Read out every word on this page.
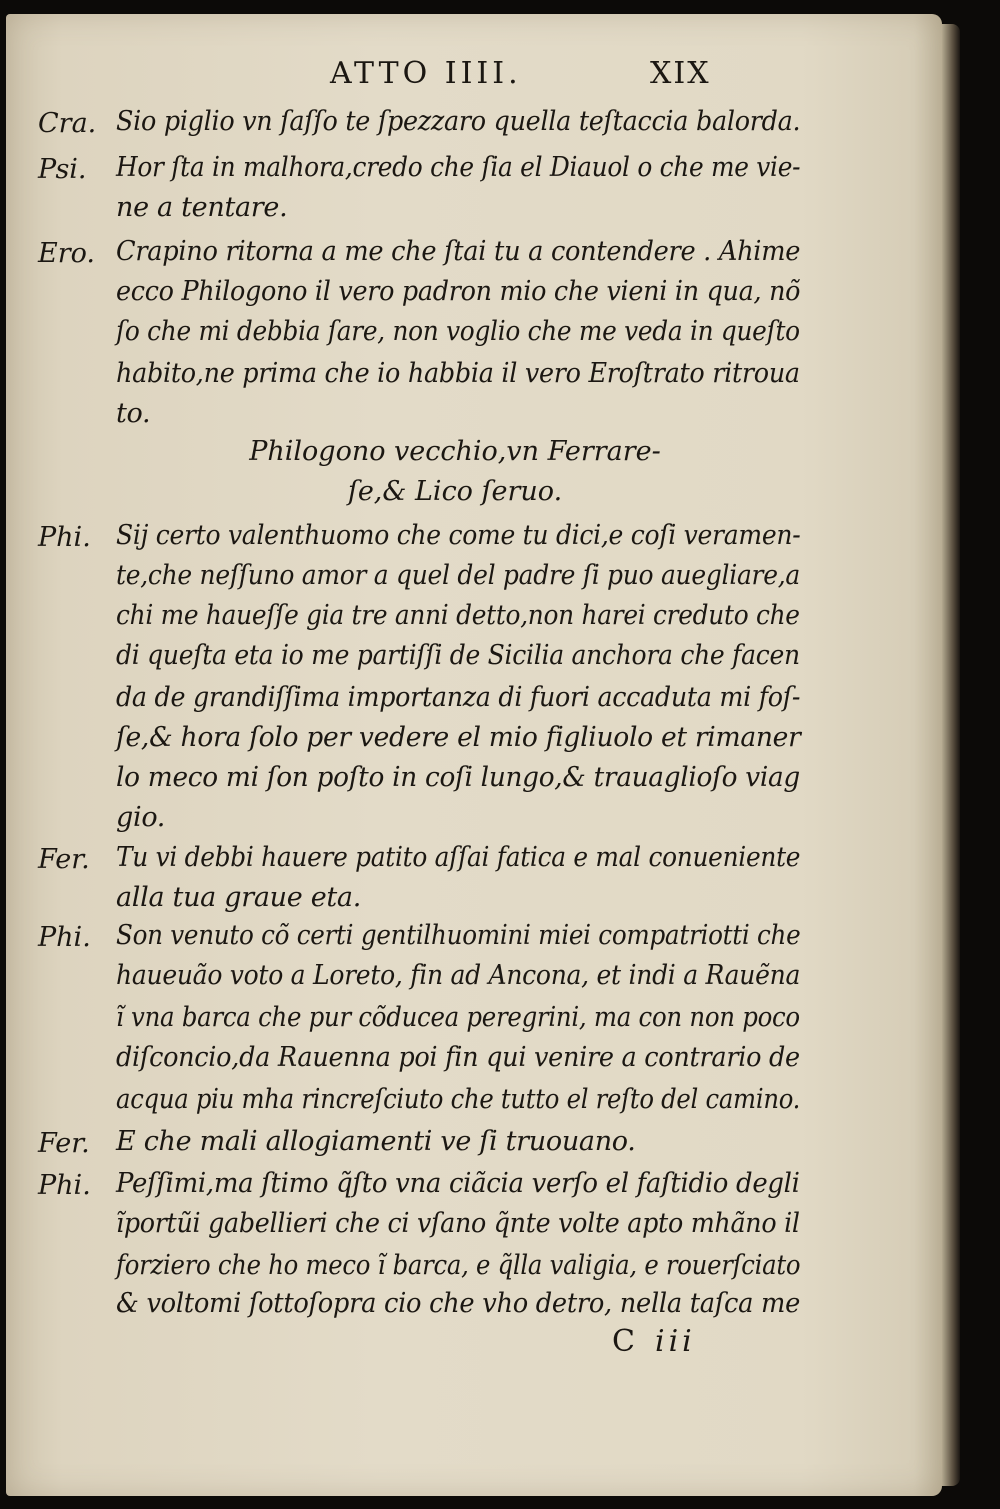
ATTO IIII.	XIX
Cra.
Psi.
Ero.
Phi.
Fer.
Phi.
Fer.
Phi.
Sio piglio vn ſaſſo te ſpezzaro quella teſtaccia balorda.
Hor ſta in malhora,credo che ſia el Diauol o che me vie-
ne a tentare.
Crapino ritorna a me che ſtai tu a contendere . Ahime
ecco Philogono il vero padron mio che vieni in qua, nõ
ſo che mi debbia ſare, non voglio che me veda in queſto
habito,ne prima che io habbia il vero Eroſtrato ritroua
to.
Philogono vecchio,vn Ferrare-
ſe,& Lico ſeruo.
Sij certo valenthuomo che come tu dici,e coſi veramen-
te,che neſſuno amor a quel del padre ſi puo auegliare,a
chi me haueſſe gia tre anni detto,non harei creduto che
di queſta eta io me partiſſi de Sicilia anchora che facen
da de grandiſſima importanza di fuori accaduta mi foſ-
ſe,& hora ſolo per vedere el mio figliuolo et rimaner
lo meco mi ſon poſto in coſi lungo,& trauaglioſo viag
gio.
Tu vi debbi hauere patito aſſai fatica e mal conueniente
alla tua graue eta.
Son venuto cõ certi gentilhuomini miei compatriotti che
haueuão voto a Loreto, fin ad Ancona, et indi a Rauẽna
ĩ vna barca che pur cõducea peregrini, ma con non poco
diſconcio,da Rauenna poi fin qui venire a contrario de
acqua piu mha rincreſciuto che tutto el reſto del camino.
E che mali allogiamenti ve ſi truouano.
Peſſimi,ma ſtimo q̃ſto vna ciãcia verſo el faſtidio degli
ĩportũi gabellieri che ci vſano q̃nte volte apto mhãno il
forziero che ho meco ĩ barca, e q̃lla valigia, e rouerſciato
& voltomi ſottoſopra cio che vho detro, nella taſca me
C iii
